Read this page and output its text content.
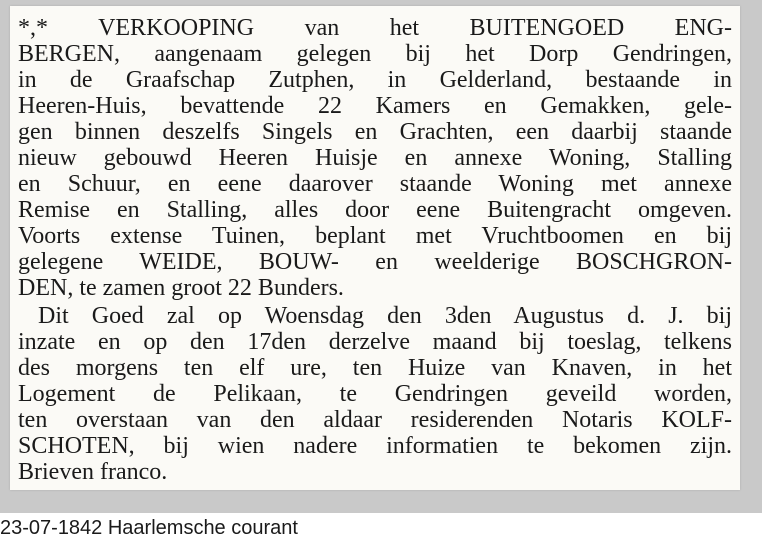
*,* VERKOOPING van het BUITENGOED ENG-
BERGEN, aangenaam gelegen bij het Dorp Gendringen,
in de Graafschap Zutphen, in Gelderland, bestaande in
Heeren-Huis, bevattende 22 Kamers en Gemakken, gele-
gen binnen deszelfs Singels en Grachten, een daarbij staande
nieuw gebouwd Heeren Huisje en annexe Woning, Stalling
en Schuur, en eene daarover staande Woning met annexe
Remise en Stalling, alles door eene Buitengracht omgeven.
Voorts extense Tuinen, beplant met Vruchtboomen en bij
gelegene WEIDE, BOUW- en weelderige BOSCHGRON-
DEN, te zamen groot 22 Bunders.
Dit Goed zal op Woensdag den 3den Augustus d. J. bij
inzate en op den 17den derzelve maand bij toeslag, telkens
des morgens ten elf ure, ten Huize van Knaven, in het
Logement de Pelikaan, te Gendringen geveild worden,
ten overstaan van den aldaar residerenden Notaris KOLF-
SCHOTEN, bij wien nadere informatien te bekomen zijn.
Brieven franco.
23-07-1842 Haarlemsche courant
